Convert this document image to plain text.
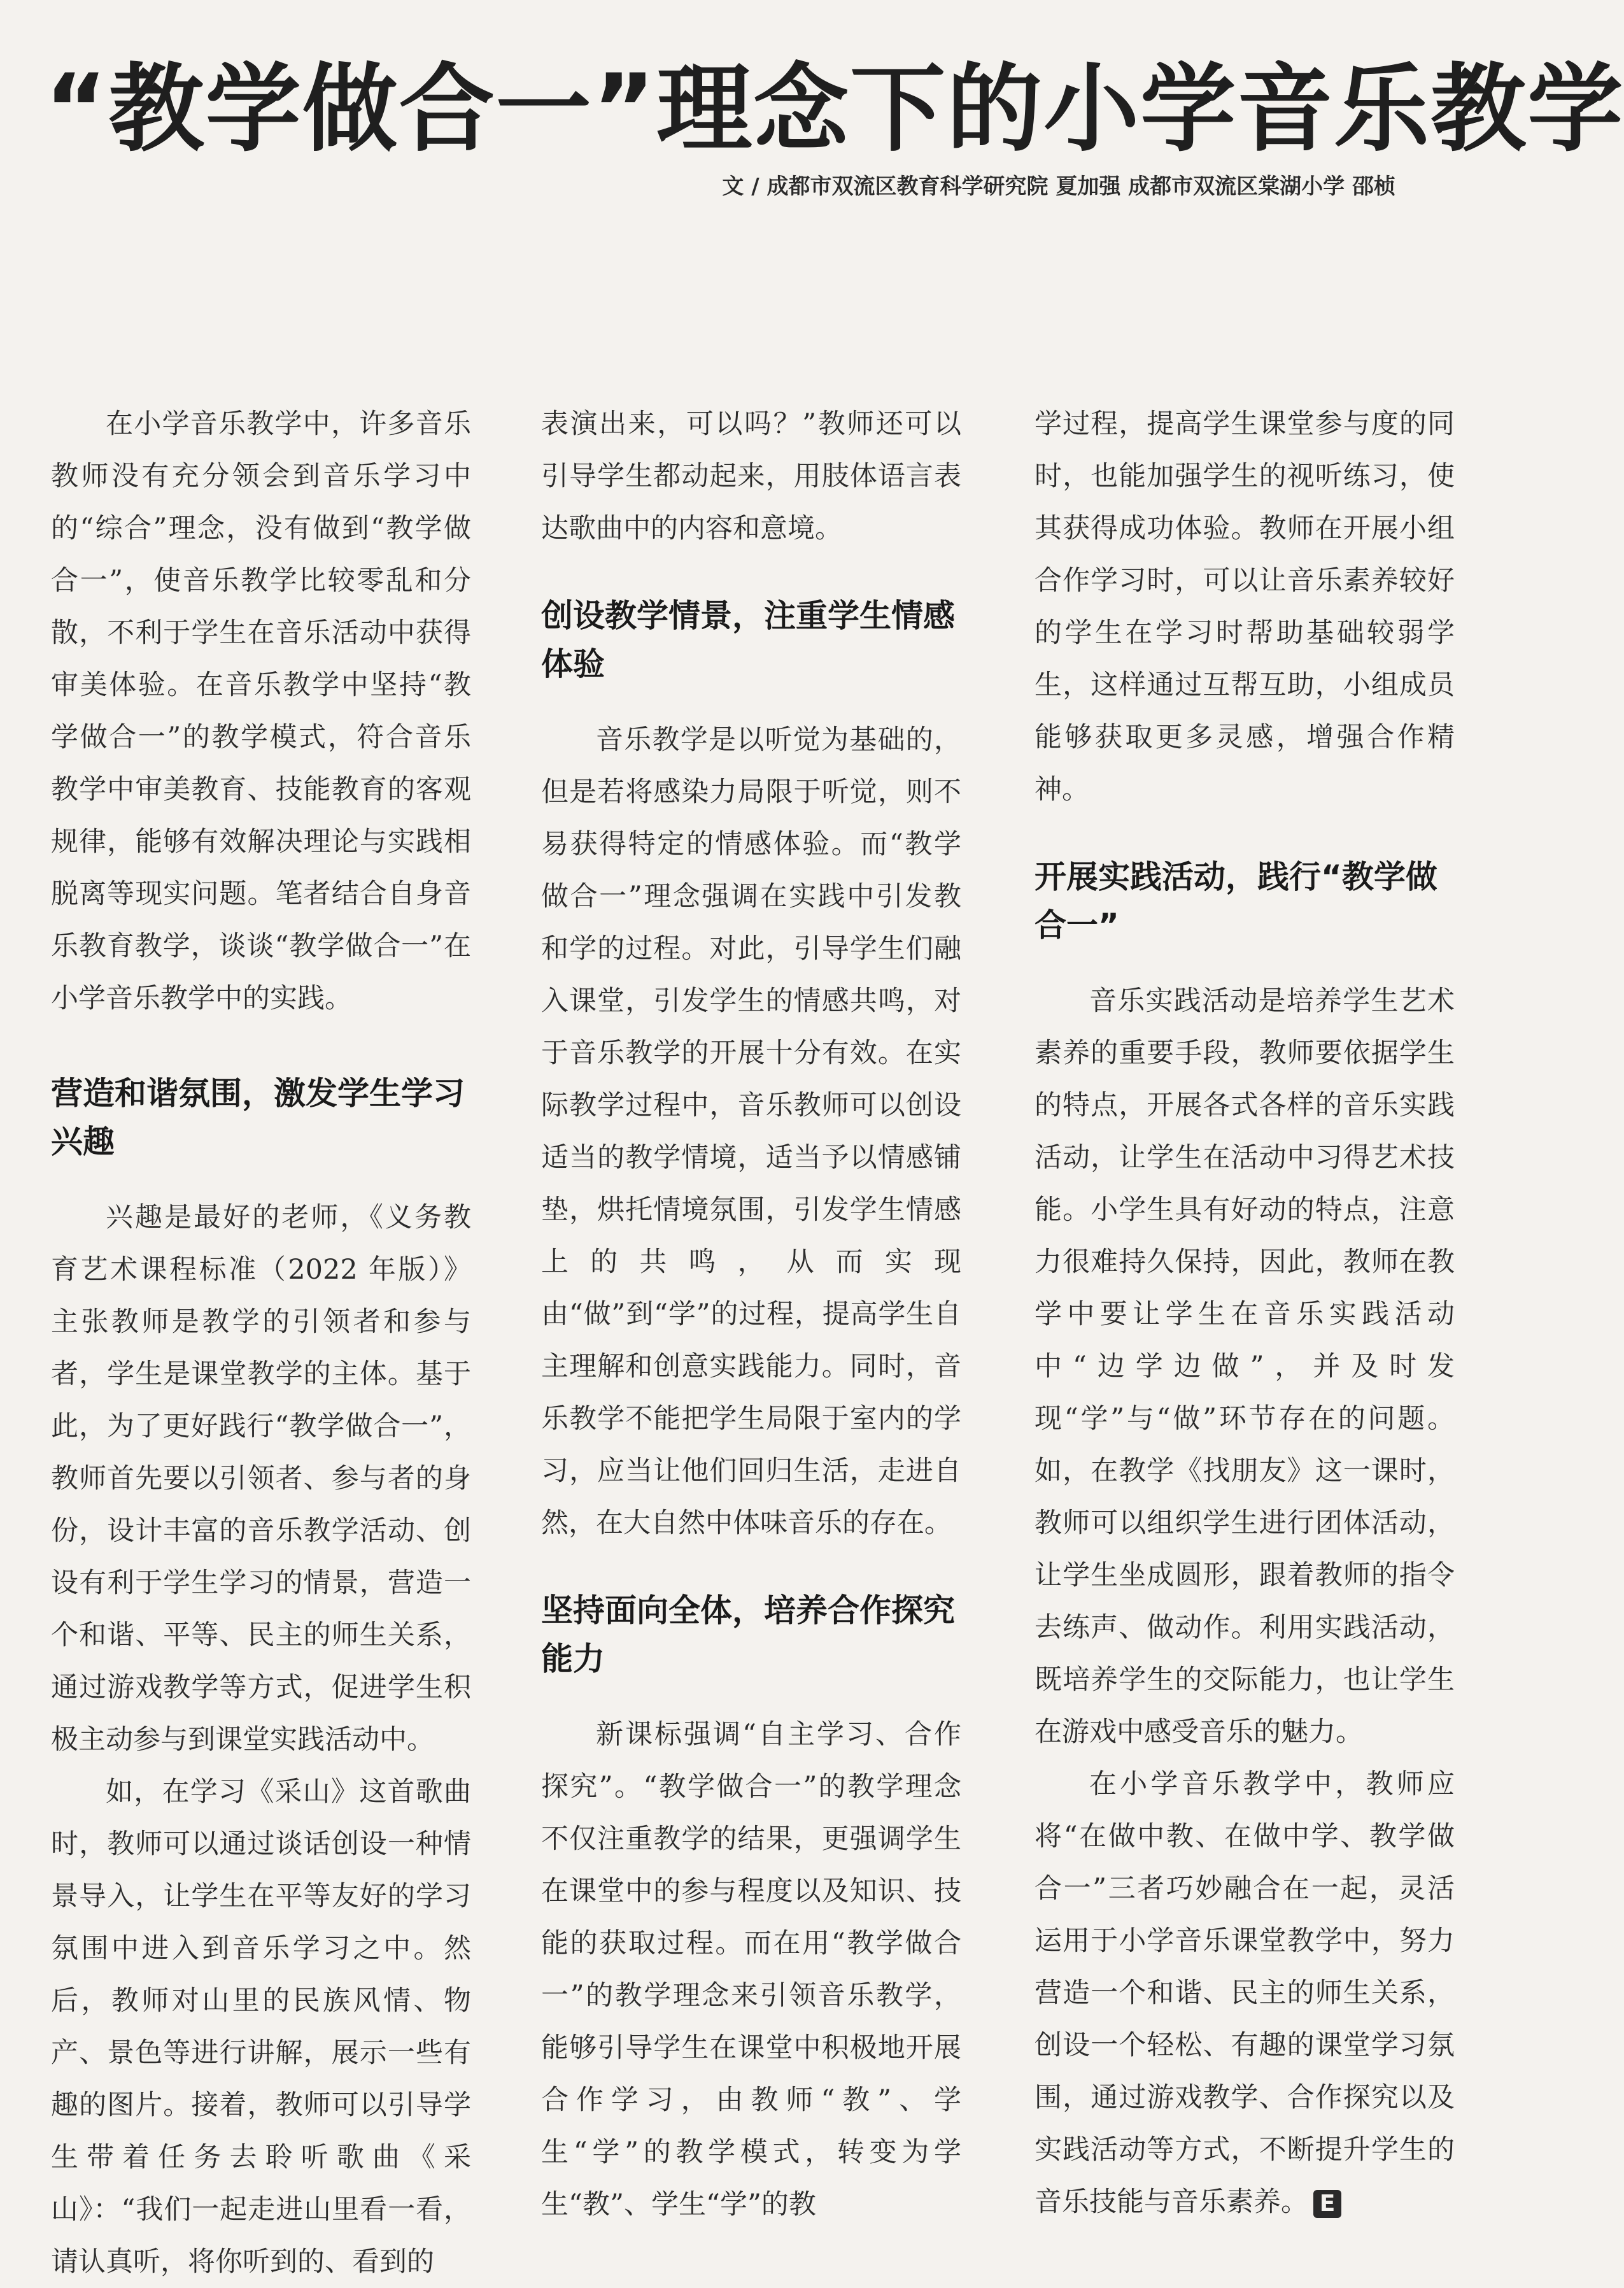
“教学做合一”理念下的小学音乐教学
文 / 成都市双流区教育科学研究院 夏加强 成都市双流区棠湖小学 邵桢

在小学音乐教学中，许多音乐教师没有充分领会到音乐学习中的“综合”理念，没有做到“教学做合一”，使音乐教学比较零乱和分散，不利于学生在音乐活动中获得审美体验。在音乐教学中坚持“教学做合一”的教学模式，符合音乐教学中审美教育、技能教育的客观规律，能够有效解决理论与实践相脱离等现实问题。笔者结合自身音乐教育教学，谈谈“教学做合一”在小学音乐教学中的实践。

营造和谐氛围，激发学生学习兴趣

兴趣是最好的老师，《义务教育艺术课程标准（2022 年版）》主张教师是教学的引领者和参与者，学生是课堂教学的主体。基于此，为了更好践行“教学做合一”，教师首先要以引领者、参与者的身份，设计丰富的音乐教学活动、创设有利于学生学习的情景，营造一个和谐、平等、民主的师生关系，通过游戏教学等方式，促进学生积极主动参与到课堂实践活动中。

如，在学习《采山》这首歌曲时，教师可以通过谈话创设一种情景导入，让学生在平等友好的学习氛围中进入到音乐学习之中。然后，教师对山里的民族风情、物产、景色等进行讲解，展示一些有趣的图片。接着，教师可以引导学生带着任务去聆听歌曲《采山》：“我们一起走进山里看一看，请认真听，将你听到的、看到的

表演出来，可以吗？”教师还可以引导学生都动起来，用肢体语言表达歌曲中的内容和意境。

创设教学情景，注重学生情感体验

音乐教学是以听觉为基础的，但是若将感染力局限于听觉，则不易获得特定的情感体验。而“教学做合一”理念强调在实践中引发教和学的过程。对此，引导学生们融入课堂，引发学生的情感共鸣，对于音乐教学的开展十分有效。在实际教学过程中，音乐教师可以创设适当的教学情境，适当予以情感铺垫，烘托情境氛围，引发学生情感上的共鸣，从而实现由“做”到“学”的过程，提高学生自主理解和创意实践能力。同时，音乐教学不能把学生局限于室内的学习，应当让他们回归生活，走进自然，在大自然中体味音乐的存在。

坚持面向全体，培养合作探究能力

新课标强调“自主学习、合作探究”。“教学做合一”的教学理念不仅注重教学的结果，更强调学生在课堂中的参与程度以及知识、技能的获取过程。而在用“教学做合一”的教学理念来引领音乐教学，能够引导学生在课堂中积极地开展合作学习，由教师“教”、学生“学”的教学模式，转变为学生“教”、学生“学”的教

学过程，提高学生课堂参与度的同时，也能加强学生的视听练习，使其获得成功体验。教师在开展小组合作学习时，可以让音乐素养较好的学生在学习时帮助基础较弱学生，这样通过互帮互助，小组成员能够获取更多灵感，增强合作精神。

开展实践活动，践行“教学做合一”

音乐实践活动是培养学生艺术素养的重要手段，教师要依据学生的特点，开展各式各样的音乐实践活动，让学生在活动中习得艺术技能。小学生具有好动的特点，注意力很难持久保持，因此，教师在教学中要让学生在音乐实践活动中“边学边做”，并及时发现“学”与“做”环节存在的问题。如，在教学《找朋友》这一课时，教师可以组织学生进行团体活动，让学生坐成圆形，跟着教师的指令去练声、做动作。利用实践活动，既培养学生的交际能力，也让学生在游戏中感受音乐的魅力。

在小学音乐教学中，教师应将“在做中教、在做中学、教学做合一”三者巧妙融合在一起，灵活运用于小学音乐课堂教学中，努力营造一个和谐、民主的师生关系，创设一个轻松、有趣的课堂学习氛围，通过游戏教学、合作探究以及实践活动等方式，不断提升学生的音乐技能与音乐素养。 E
